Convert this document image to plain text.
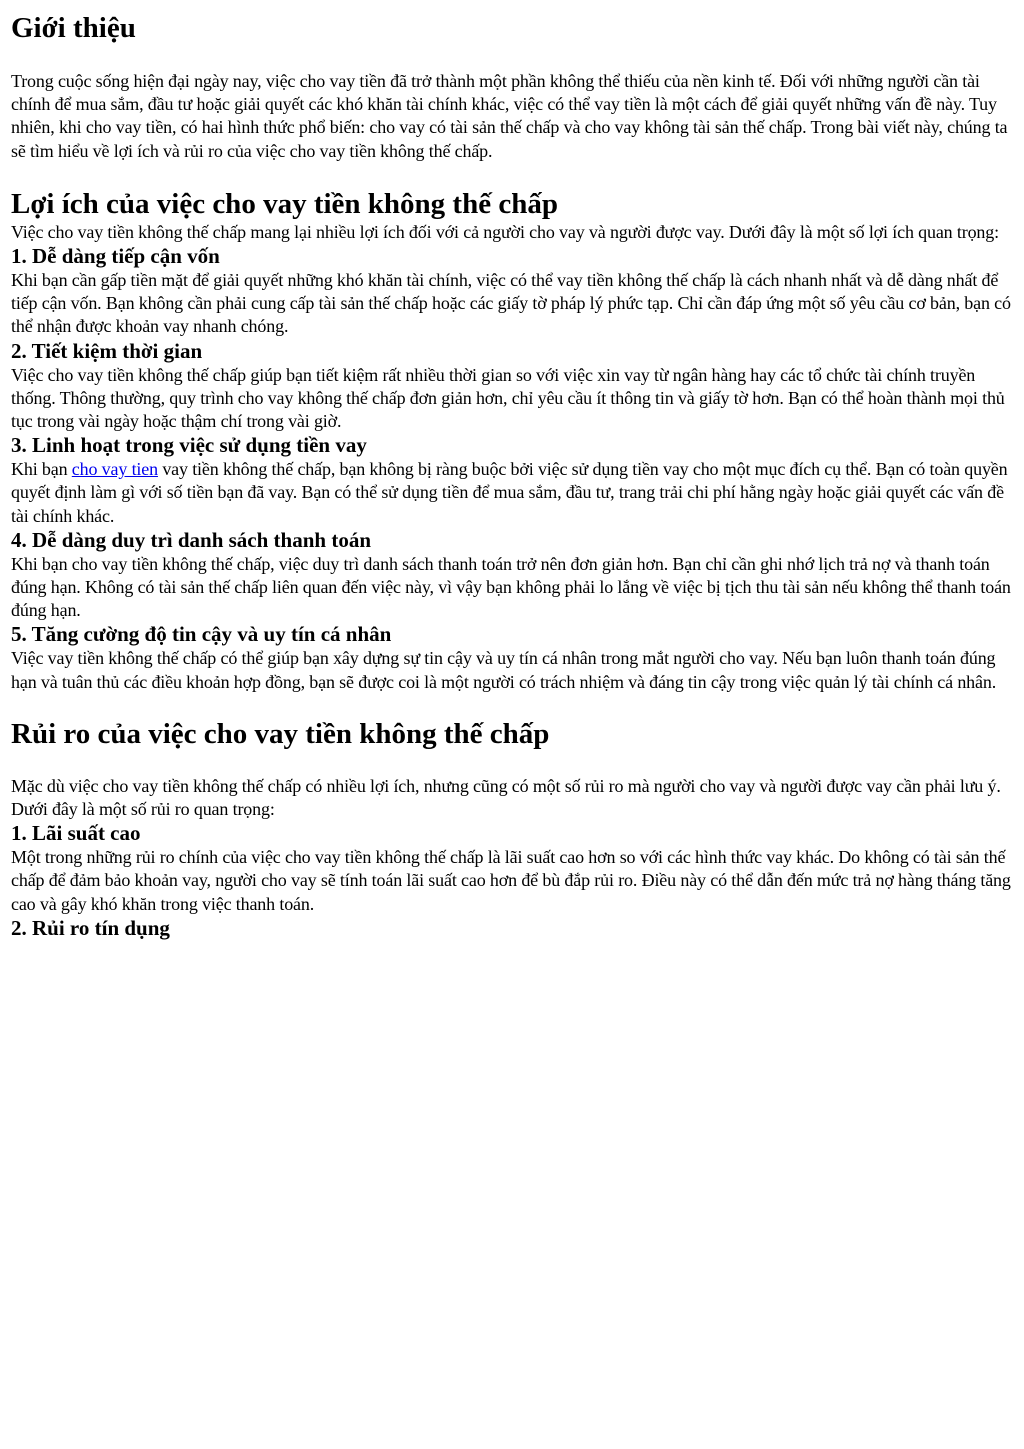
Giới thiệu

Trong cuộc sống hiện đại ngày nay, việc cho vay tiền đã trở thành một phần không thể thiếu của nền kinh tế. Đối với những người cần tài chính để mua sắm, đầu tư hoặc giải quyết các khó khăn tài chính khác, việc có thể vay tiền là một cách để giải quyết những vấn đề này. Tuy nhiên, khi cho vay tiền, có hai hình thức phổ biến: cho vay có tài sản thế chấp và cho vay không tài sản thế chấp. Trong bài viết này, chúng ta sẽ tìm hiểu về lợi ích và rủi ro của việc cho vay tiền không thế chấp.

Lợi ích của việc cho vay tiền không thế chấp

Việc cho vay tiền không thế chấp mang lại nhiều lợi ích đối với cả người cho vay và người được vay. Dưới đây là một số lợi ích quan trọng:

1. Dễ dàng tiếp cận vốn

Khi bạn cần gấp tiền mặt để giải quyết những khó khăn tài chính, việc có thể vay tiền không thế chấp là cách nhanh nhất và dễ dàng nhất để tiếp cận vốn. Bạn không cần phải cung cấp tài sản thế chấp hoặc các giấy tờ pháp lý phức tạp. Chỉ cần đáp ứng một số yêu cầu cơ bản, bạn có thể nhận được khoản vay nhanh chóng.

2. Tiết kiệm thời gian

Việc cho vay tiền không thế chấp giúp bạn tiết kiệm rất nhiều thời gian so với việc xin vay từ ngân hàng hay các tổ chức tài chính truyền thống. Thông thường, quy trình cho vay không thế chấp đơn giản hơn, chỉ yêu cầu ít thông tin và giấy tờ hơn. Bạn có thể hoàn thành mọi thủ tục trong vài ngày hoặc thậm chí trong vài giờ.

3. Linh hoạt trong việc sử dụng tiền vay

Khi bạn cho vay tien vay tiền không thế chấp, bạn không bị ràng buộc bởi việc sử dụng tiền vay cho một mục đích cụ thể. Bạn có toàn quyền quyết định làm gì với số tiền bạn đã vay. Bạn có thể sử dụng tiền để mua sắm, đầu tư, trang trải chi phí hằng ngày hoặc giải quyết các vấn đề tài chính khác.

4. Dễ dàng duy trì danh sách thanh toán

Khi bạn cho vay tiền không thế chấp, việc duy trì danh sách thanh toán trở nên đơn giản hơn. Bạn chỉ cần ghi nhớ lịch trả nợ và thanh toán đúng hạn. Không có tài sản thế chấp liên quan đến việc này, vì vậy bạn không phải lo lắng về việc bị tịch thu tài sản nếu không thể thanh toán đúng hạn.

5. Tăng cường độ tin cậy và uy tín cá nhân

Việc vay tiền không thế chấp có thể giúp bạn xây dựng sự tin cậy và uy tín cá nhân trong mắt người cho vay. Nếu bạn luôn thanh toán đúng hạn và tuân thủ các điều khoản hợp đồng, bạn sẽ được coi là một người có trách nhiệm và đáng tin cậy trong việc quản lý tài chính cá nhân.

Rủi ro của việc cho vay tiền không thế chấp

Mặc dù việc cho vay tiền không thế chấp có nhiều lợi ích, nhưng cũng có một số rủi ro mà người cho vay và người được vay cần phải lưu ý. Dưới đây là một số rủi ro quan trọng:

1. Lãi suất cao

Một trong những rủi ro chính của việc cho vay tiền không thế chấp là lãi suất cao hơn so với các hình thức vay khác. Do không có tài sản thế chấp để đảm bảo khoản vay, người cho vay sẽ tính toán lãi suất cao hơn để bù đắp rủi ro. Điều này có thể dẫn đến mức trả nợ hàng tháng tăng cao và gây khó khăn trong việc thanh toán.

2. Rủi ro tín dụng
